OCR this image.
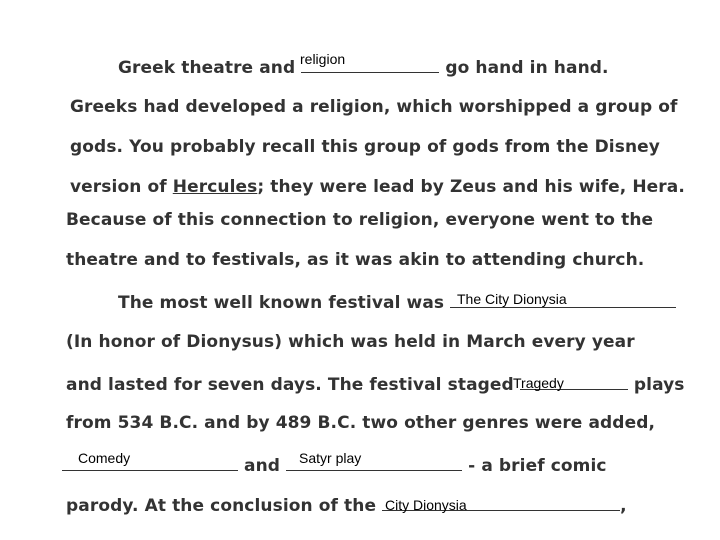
Greek theatre and	go hand in hand.
religion
Greeks had developed a religion, which worshipped a group of
gods. You probably recall this group of gods from the Disney
version of Hercules; they were lead by Zeus and his wife, Hera.
Because of this connection to religion, everyone went to the
theatre and to festivals, as it was akin to attending church.
The most well known festival was The City Dionysia
(In honor of Dionysus) which was held in March every year
and lasted for seven days. The festival staged	plays
Tragedy
from 534 B.C. and by 489 B.C. two other genres were added,
and	- a brief comic
Comedy	Satyr play
parody. At the conclusion of the	,
City Dionysia
